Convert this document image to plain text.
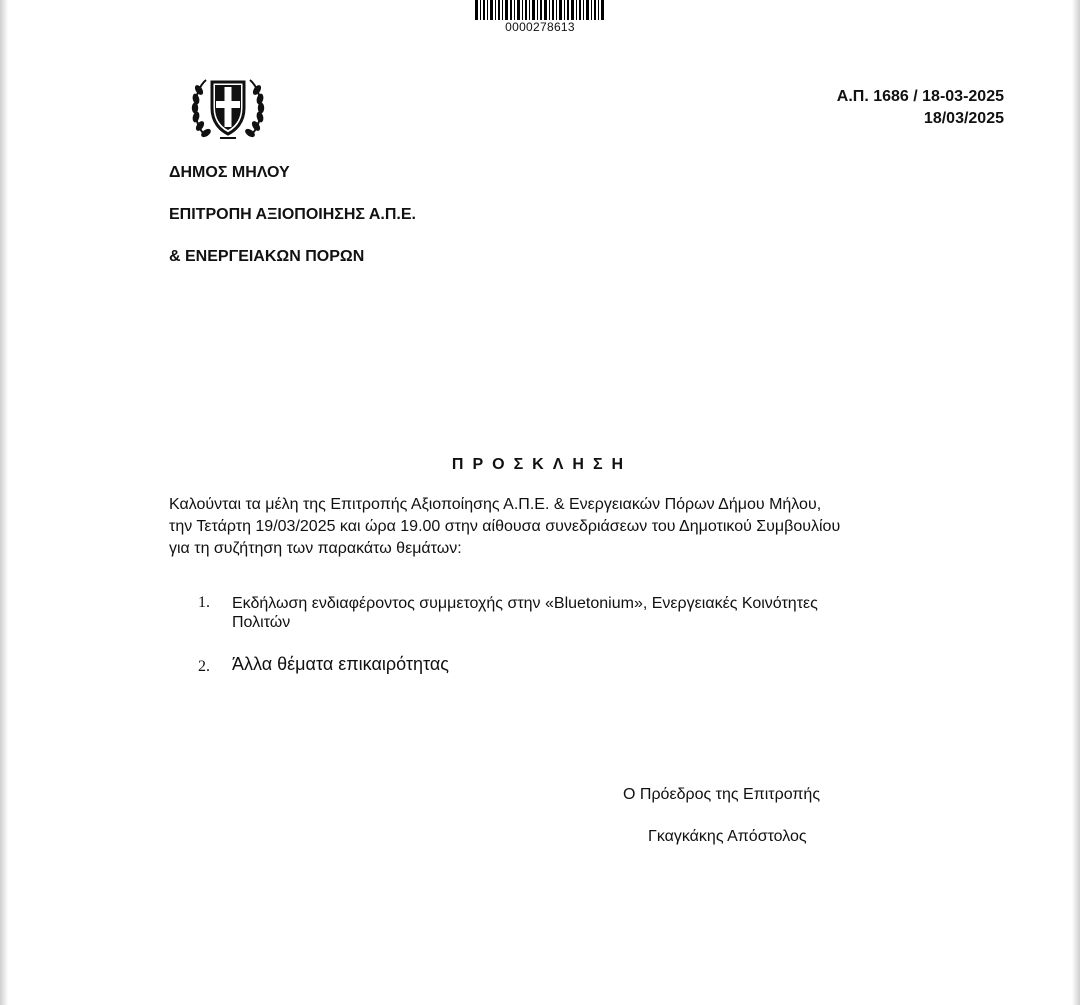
0000278613
Α.Π. 1686 / 18-03-2025
18/03/2025
ΔΗΜΟΣ ΜΗΛΟΥ
ΕΠΙΤΡΟΠΗ ΑΞΙΟΠΟΙΗΣΗΣ Α.Π.Ε.
& ΕΝΕΡΓΕΙΑΚΩΝ ΠΟΡΩΝ
ΠΡΟΣΚΛΗΣΗ
Καλούνται τα μέλη της Επιτροπής Αξιοποίησης Α.Π.Ε. & Ενεργειακών Πόρων Δήμου Μήλου,
την Τετάρτη 19/03/2025 και ώρα 19.00 στην αίθουσα συνεδριάσεων του Δημοτικού Συμβουλίου
για τη συζήτηση των παρακάτω θεμάτων:
1. Εκδήλωση ενδιαφέροντος συμμετοχής στην «Bluetonium», Ενεργειακές Κοινότητες
Πολιτών
2. Άλλα θέματα επικαιρότητας
Ο Πρόεδρος της Επιτροπής
Γκαγκάκης Απόστολος
